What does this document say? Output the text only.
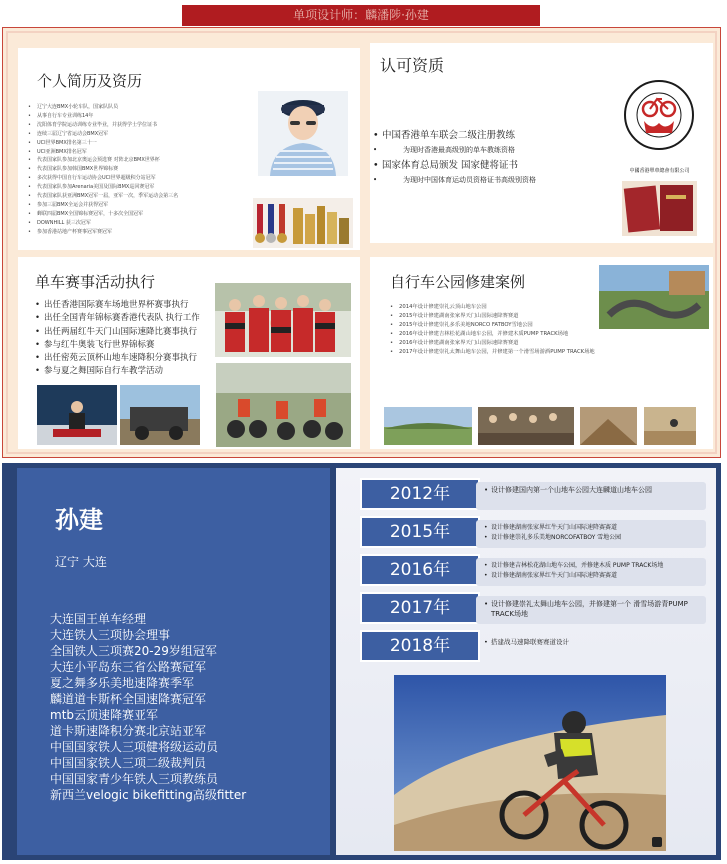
单项设计师：麟潘陟·孙建
个人简历及资历
• 辽宁大连BMX小轮车队，国家队队员
• 从事自行车专业训练14年
• 沈阳体育学院运动训练专业毕业，并获得学士学位证书
• 连续三届辽宁省运动会BMX冠军
• UCI世界BMX排名第三十一
• UCI亚洲BMX排名冠军
• 代表国家队参加北京奥运会预选赛 对阵北京BMX世界杯
• 代表国家队参加韩国BMX世界锦标赛
• 多次获得中国自行车运动协会UCI世界超级积分站冠军
• 代表国家队参加Arenaria美国及国际BMX巡回赛冠军
• 代表国家队获亚洲BMX冠军一届，亚军一次，季军运动会第三名
• 参加三届BMX全运会并获得冠军
• 蝉联四届BMX全国锦标赛冠军，十多次全国冠军
• DOWNHILL 获三次冠军
• 参加香港站地产杯赛事冠军赛冠军
认可资质
• 中国香港单车联会二级注册教练
• 为现时香港最高级别的单车教练资格
• 国家体育总局颁发 国家健将证书
• 为现时中国体育运动员资格证书高级别资格
中國香港單車總會有限公司
单车赛事活动执行
• 出任香港国际赛车场地世界杯赛事执行
• 出任全国青年锦标赛香港代表队 执行工作
• 出任两届红牛天门山国际速降比赛事执行
• 参与红牛奥装飞行世界锦标赛
• 出任密苑云顶杯山地车速降积分赛事执行
• 参与夏之舞国际自行车教学活动
自行车公园修建案例
• 2014年设计修建崇礼云顶山地车公园
• 2015年设计修建湖南张家界天门山国际速降赛赛道
• 2015年设计修建崇礼多乐美地NORCO FATBOY雪地公园
• 2016年设计修建吉林松花湖山地车公园，并修建木质PUMP TRACK场地
• 2016年设计修建湖南张家界天门山国际速降赛赛道
• 2017年设计修建崇礼太舞山地车公园，并修建第一个滑雪场游酒PUMP TRACK场地
孙建
辽宁 大连
大连国王单车经理
大连铁人三项协会理事
全国铁人三项赛20-29岁组冠军
大连小平岛东三省公路赛冠军
夏之舞多乐美地速降赛季军
麟道道卡斯杯全国速降赛冠军
mtb云顶速降赛亚军
道卡斯速降积分赛北京站亚军
中国国家铁人三项健将级运动员
中国国家铁人三项二级裁判员
中国国家青少年铁人三项教练员
新西兰velogic bikefitting高级fitter
2012年	• 设计修建国内第一个山地车公园大连麟道山地车公园
2015年	• 设计修建湖南张家界红牛天门山国际速降赛赛道
• 设计修建崇礼多乐美地NORCOFATBOY 雪地公园
2016年	• 设计修建吉林松花湖山地车公园，并修建木质 PUMP TRACK场地
• 设计修建湖南张家界红牛天门山国际速降赛赛道
2017年	• 设计修建崇礼太舞山地车公园，并修建第一个 滑雪场游青PUMP TRACK场地
2018年	• 搭建战马速降联赛赛道设计
